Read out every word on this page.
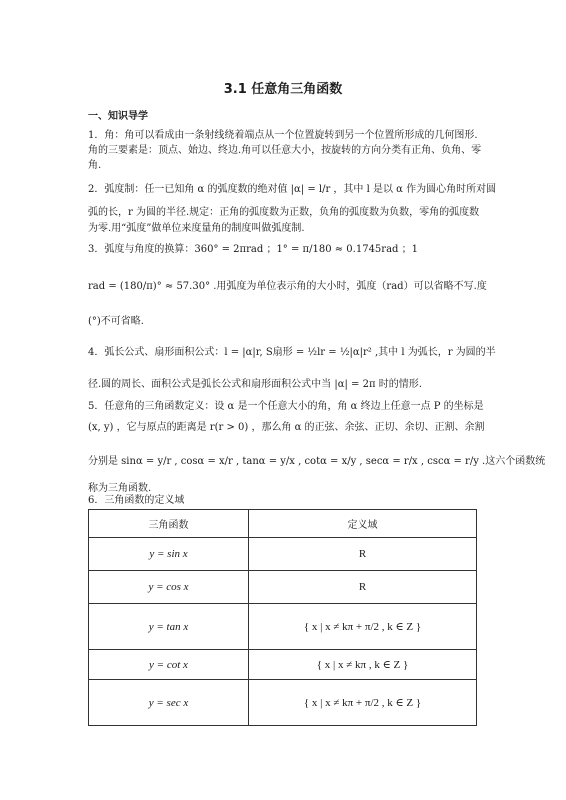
3.1 任意角三角函数
一、知识导学
1．角：角可以看成由一条射线绕着端点从一个位置旋转到另一个位置所形成的几何图形.
角的三要素是：顶点、始边、终边.角可以任意大小，按旋转的方向分类有正角、负角、零
角.
2．弧度制：任一已知角 α 的弧度数的绝对值 |α| = l/r ，其中 l 是以 α 作为圆心角时所对圆
弧的长，r 为圆的半径.规定：正角的弧度数为正数，负角的弧度数为负数，零角的弧度数
为零.用“弧度”做单位来度量角的制度叫做弧度制.
3．弧度与角度的换算：360° = 2πrad ；1° = π/180 ≈ 0.1745rad ；1
rad = (180/π)° ≈ 57.30° .用弧度为单位表示角的大小时，弧度（rad）可以省略不写.度
(°)不可省略.
4．弧长公式、扇形面积公式：l = |α|r, S扇形 = ½lr = ½|α|r² ,其中 l 为弧长，r 为圆的半
径.圆的周长、面积公式是弧长公式和扇形面积公式中当 |α| = 2π 时的情形.
5．任意角的三角函数定义：设 α 是一个任意大小的角，角 α 终边上任意一点 P 的坐标是
(x, y) ，它与原点的距离是 r(r > 0) ，那么角 α 的正弦、余弦、正切、余切、正割、余割
分别是 sinα = y/r , cosα = x/r , tanα = y/x , cotα = x/y , secα = r/x , cscα = r/y .这六个函数统
称为三角函数.
6．三角函数的定义域
三角函数	定义域
y = sin x	R
y = cos x	R
y = tan x	{ x | x ≠ kπ + π/2 , k ∈ Z }
y = cot x	{ x | x ≠ kπ , k ∈ Z }
y = sec x	{ x | x ≠ kπ + π/2 , k ∈ Z }
